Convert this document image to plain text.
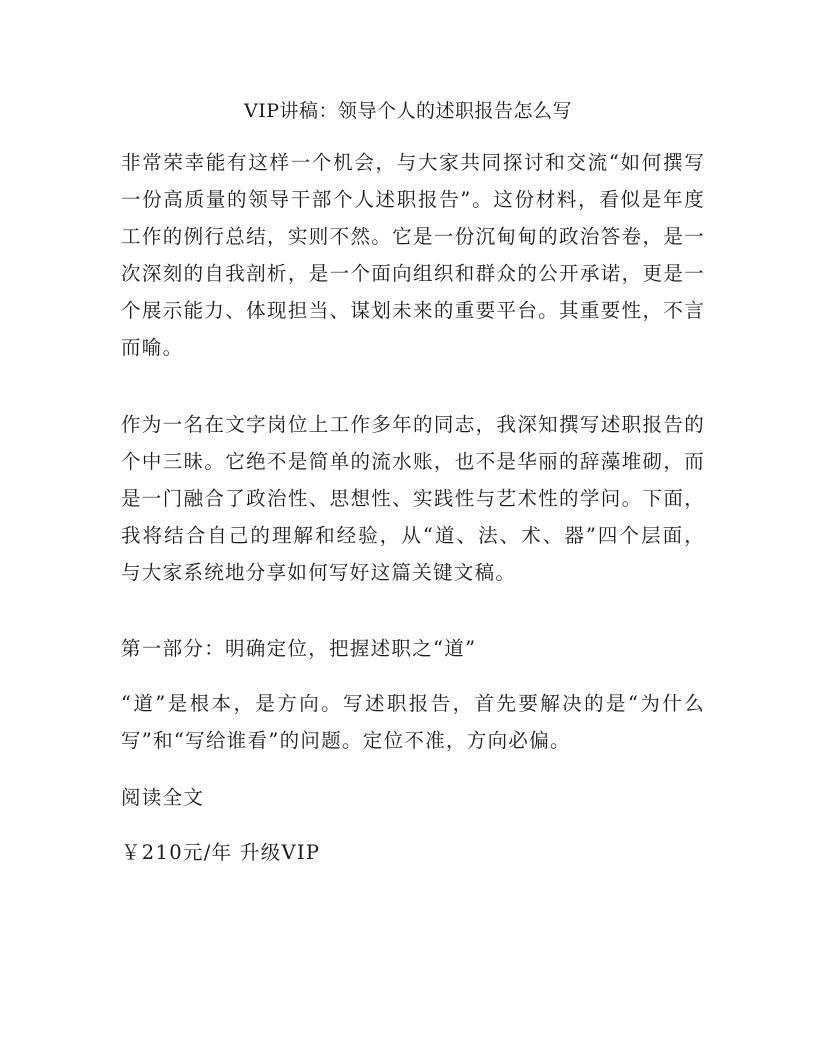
VIP讲稿：领导个人的述职报告怎么写
非常荣幸能有这样一个机会，与大家共同探讨和交流“如何撰写一份高质量的领导干部个人述职报告”。这份材料，看似是年度工作的例行总结，实则不然。它是一份沉甸甸的政治答卷，是一次深刻的自我剖析，是一个面向组织和群众的公开承诺，更是一个展示能力、体现担当、谋划未来的重要平台。其重要性，不言而喻。
作为一名在文字岗位上工作多年的同志，我深知撰写述职报告的个中三昧。它绝不是简单的流水账，也不是华丽的辞藻堆砌，而是一门融合了政治性、思想性、实践性与艺术性的学问。下面，我将结合自己的理解和经验，从“道、法、术、器”四个层面，与大家系统地分享如何写好这篇关键文稿。
第一部分：明确定位，把握述职之“道”
“道”是根本，是方向。写述职报告，首先要解决的是“为什么写”和“写给谁看”的问题。定位不准，方向必偏。
阅读全文
￥210元/年 升级VIP
